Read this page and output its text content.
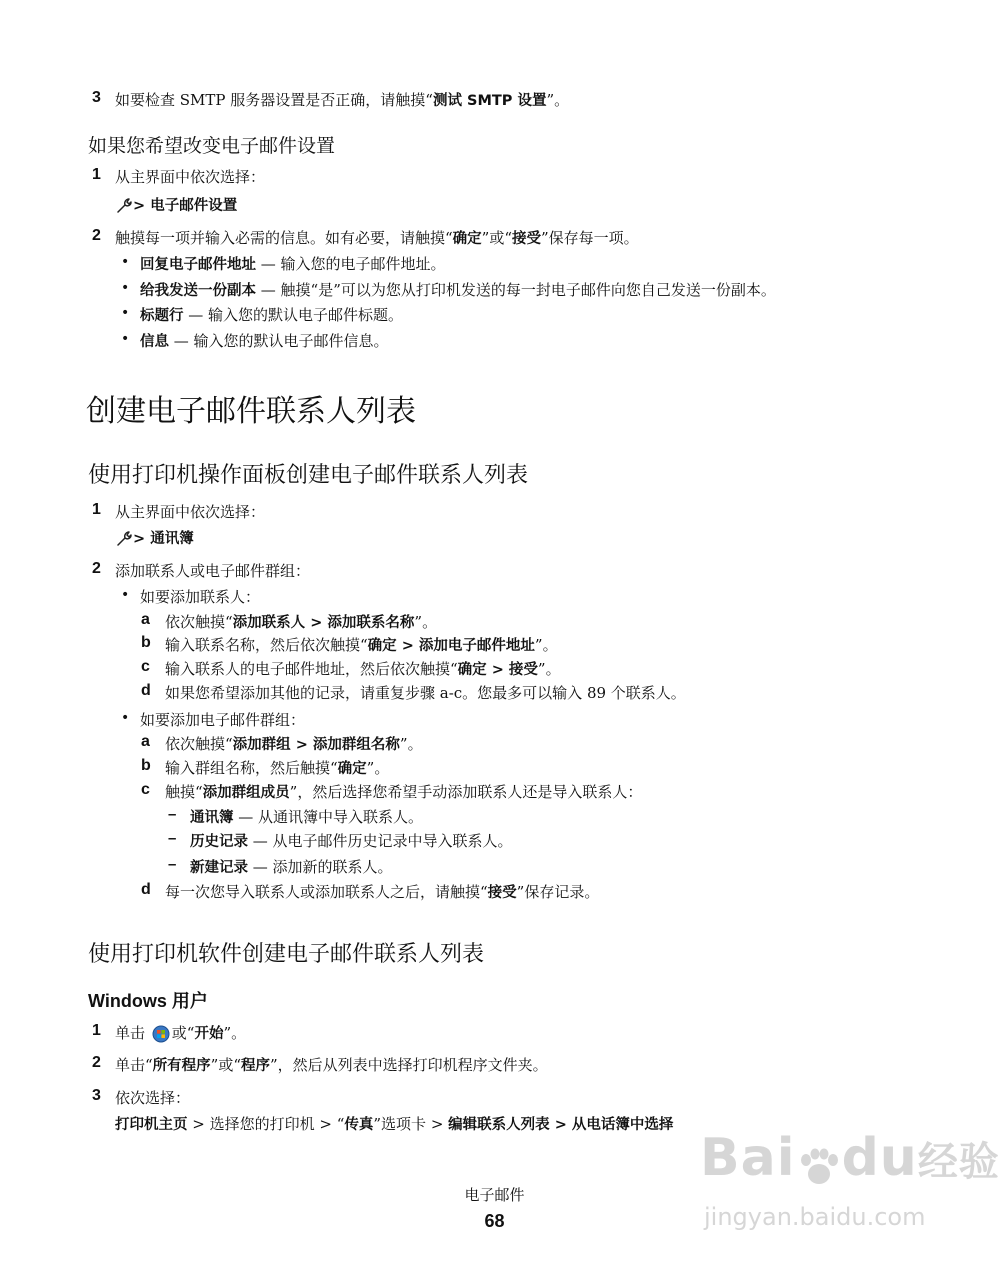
3 如要检查 SMTP 服务器设置是否正确，请触摸“测试 SMTP 设置”。
如果您希望改变电子邮件设置
1 从主界面中依次选择：
> 电子邮件设置
2 触摸每一项并输入必需的信息。如有必要，请触摸“确定”或“接受”保存每一项。
• 回复电子邮件地址 — 输入您的电子邮件地址。
• 给我发送一份副本 — 触摸“是”可以为您从打印机发送的每一封电子邮件向您自己发送一份副本。
• 标题行 — 输入您的默认电子邮件标题。
• 信息 — 输入您的默认电子邮件信息。
创建电子邮件联系人列表
使用打印机操作面板创建电子邮件联系人列表
1 从主界面中依次选择：
> 通讯簿
2 添加联系人或电子邮件群组：
• 如要添加联系人：
a 依次触摸“添加联系人 > 添加联系名称”。
b 输入联系名称，然后依次触摸“确定 > 添加电子邮件地址”。
c 输入联系人的电子邮件地址，然后依次触摸“确定 > 接受”。
d 如果您希望添加其他的记录，请重复步骤 a-c。您最多可以输入 89 个联系人。
• 如要添加电子邮件群组：
a 依次触摸“添加群组 > 添加群组名称”。
b 输入群组名称，然后触摸“确定”。
c 触摸“添加群组成员”，然后选择您希望手动添加联系人还是导入联系人：
– 通讯簿 — 从通讯簿中导入联系人。
– 历史记录 — 从电子邮件历史记录中导入联系人。
– 新建记录 — 添加新的联系人。
d 每一次您导入联系人或添加联系人之后，请触摸“接受”保存记录。
使用打印机软件创建电子邮件联系人列表
Windows 用户
1 单击 或“开始”。
2 单击“所有程序”或“程序”，然后从列表中选择打印机程序文件夹。
3 依次选择：
打印机主页 > 选择您的打印机 > “传真”选项卡 > 编辑联系人列表 > 从电话簿中选择
电子邮件
68
Bai du经验
jingyan.baidu.com
